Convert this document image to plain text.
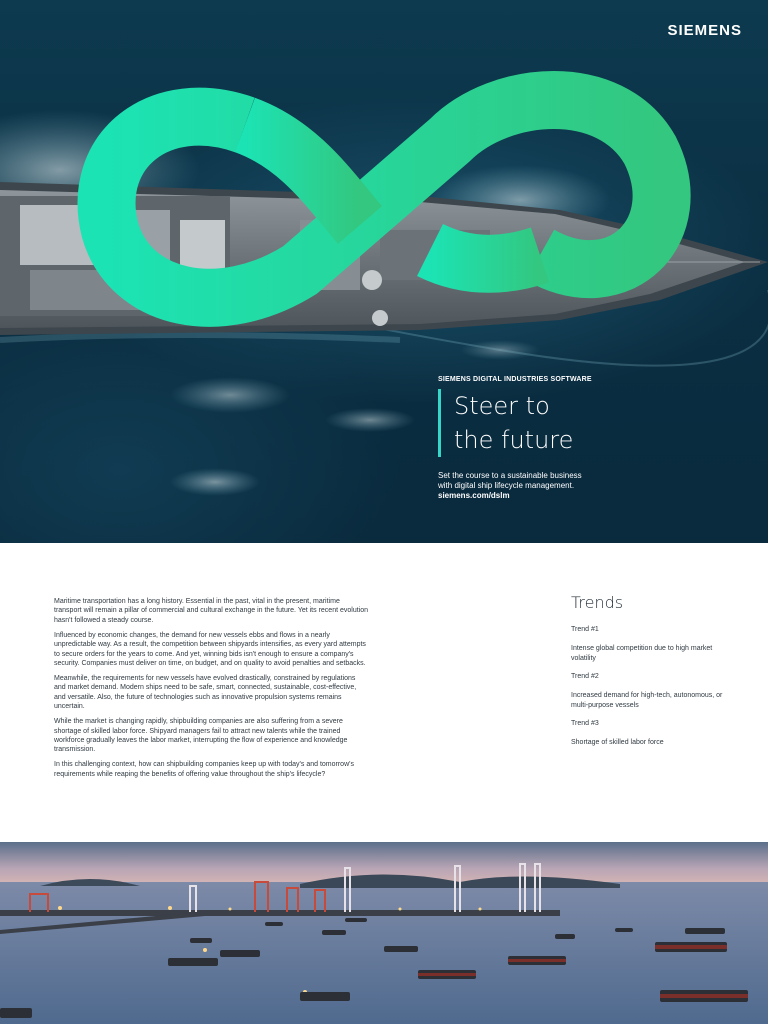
SIEMENS
SIEMENS DIGITAL INDUSTRIES SOFTWARE
Steer to
the future
Set the course to a sustainable business
with digital ship lifecycle management.
siemens.com/dslm

Maritime transportation has a long history. Essential in the past, vital in the present, maritime transport will remain a pillar of commercial and cultural exchange in the future. Yet its recent evolution hasn't followed a steady course.

Influenced by economic changes, the demand for new vessels ebbs and flows in a nearly unpredictable way. As a result, the competition between shipyards intensifies, as every yard attempts to secure orders for the years to come. And yet, winning bids isn't enough to ensure a company's security. Companies must deliver on time, on budget, and on quality to avoid penalties and setbacks.

Meanwhile, the requirements for new vessels have evolved drastically, constrained by regulations and market demand. Modern ships need to be safe, smart, connected, sustainable, cost-effective, and versatile. Also, the future of technologies such as innovative propulsion systems remains uncertain.

While the market is changing rapidly, shipbuilding companies are also suffering from a severe shortage of skilled labor force. Shipyard managers fail to attract new talents while the trained workforce gradually leaves the labor market, interrupting the flow of experience and knowledge transmission.

In this challenging context, how can shipbuilding companies keep up with today's and tomorrow's requirements while reaping the benefits of offering value throughout the ship's lifecycle?

Trends
Trend #1
Intense global competition due to high market volatility
Trend #2
Increased demand for high-tech, autonomous, or multi-purpose vessels
Trend #3
Shortage of skilled labor force
